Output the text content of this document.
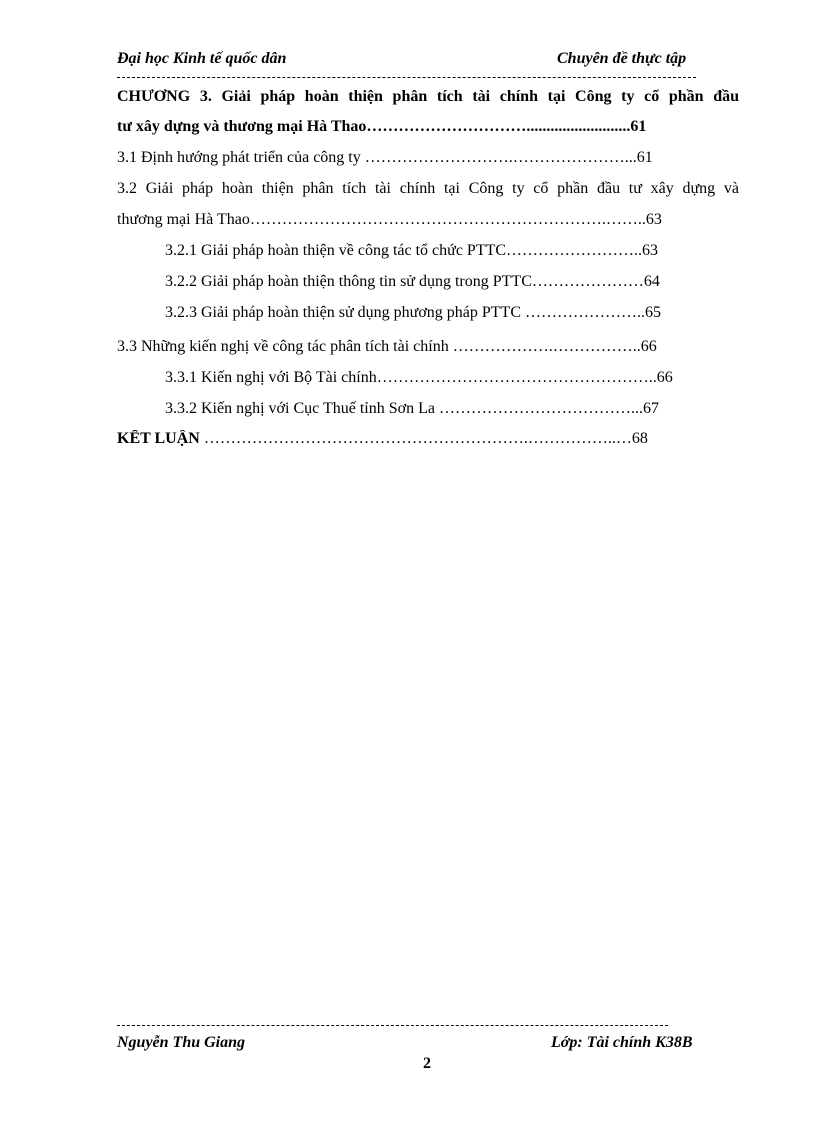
Đại học Kinh tế quốc dân	Chuyên đề thực tập
CHƯƠNG 3. Giải pháp hoàn thiện phân tích tài chính tại Công ty cổ phần đầu
tư xây dựng và thương mại Hà Thao…………………………..........................61
3.1 Định hướng phát triển của công ty ……………………….…………………...61
3.2 Giải pháp hoàn thiện phân tích tài chính tại Công ty cổ phần đầu tư xây dựng và
thương mại Hà Thao………………………………………………………….……..63
3.2.1 Giải pháp hoàn thiện về công tác tổ chức PTTC……………………..63
3.2.2 Giải pháp hoàn thiện thông tin sử dụng trong PTTC…………………64
3.2.3 Giải pháp hoàn thiện sử dụng phương pháp PTTC …………………..65
3.3 Những kiến nghị về công tác phân tích tài chính ……………….……………..66
3.3.1 Kiến nghị với Bộ Tài chính……………………………………………..66
3.3.2 Kiến nghị với Cục Thuế tỉnh Sơn La ………………………………...67
KẾT LUẬN …………………………………………………….……………..…68
Nguyễn Thu Giang	Lớp: Tài chính K38B
2
